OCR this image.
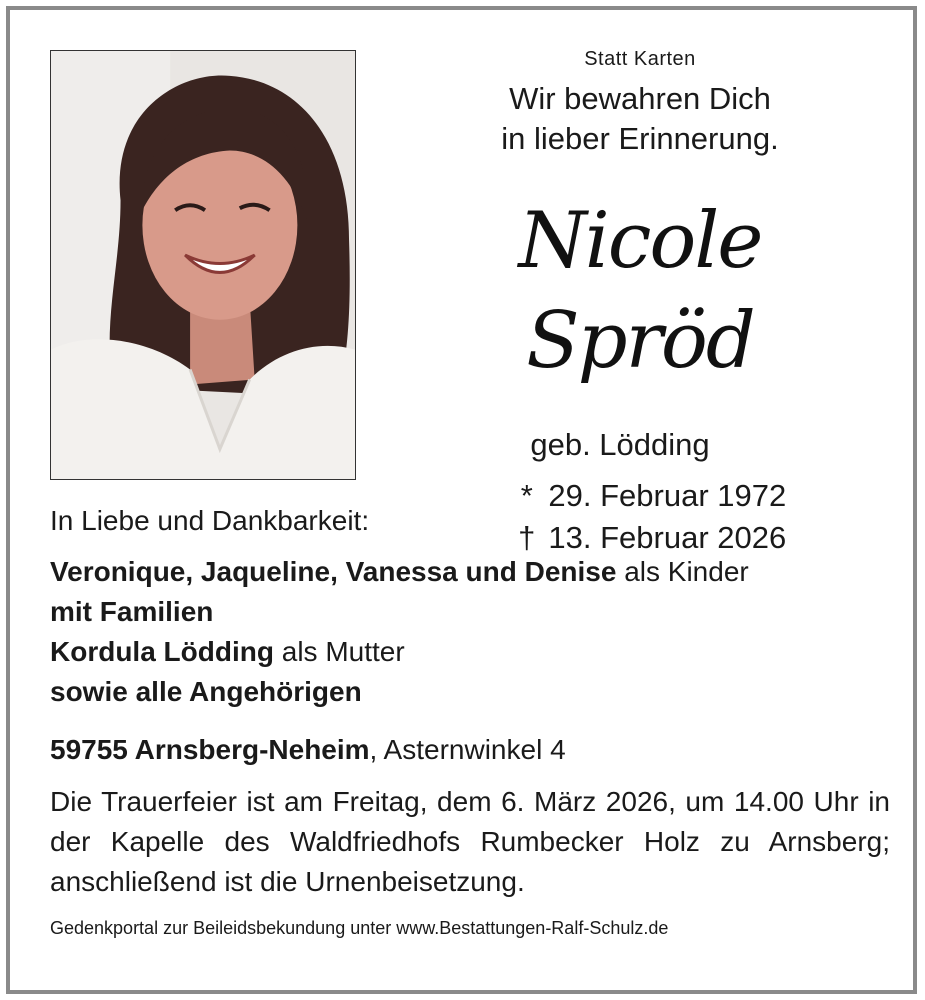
Statt Karten
Wir bewahren Dich
in lieber Erinnerung.
Nicole Spröd
geb. Lödding
* 29. Februar 1972
† 13. Februar 2026
In Liebe und Dankbarkeit:
Veronique, Jaqueline, Vanessa und Denise als Kinder
mit Familien
Kordula Lödding als Mutter
sowie alle Angehörigen
59755 Arnsberg-Neheim, Asternwinkel 4
Die Trauerfeier ist am Freitag, dem 6. März 2026, um 14.00 Uhr in der Kapelle des Waldfriedhofs Rumbecker Holz zu Arnsberg; anschließend ist die Urnenbeisetzung.
Gedenkportal zur Beileidsbekundung unter www.Bestattungen-Ralf-Schulz.de
